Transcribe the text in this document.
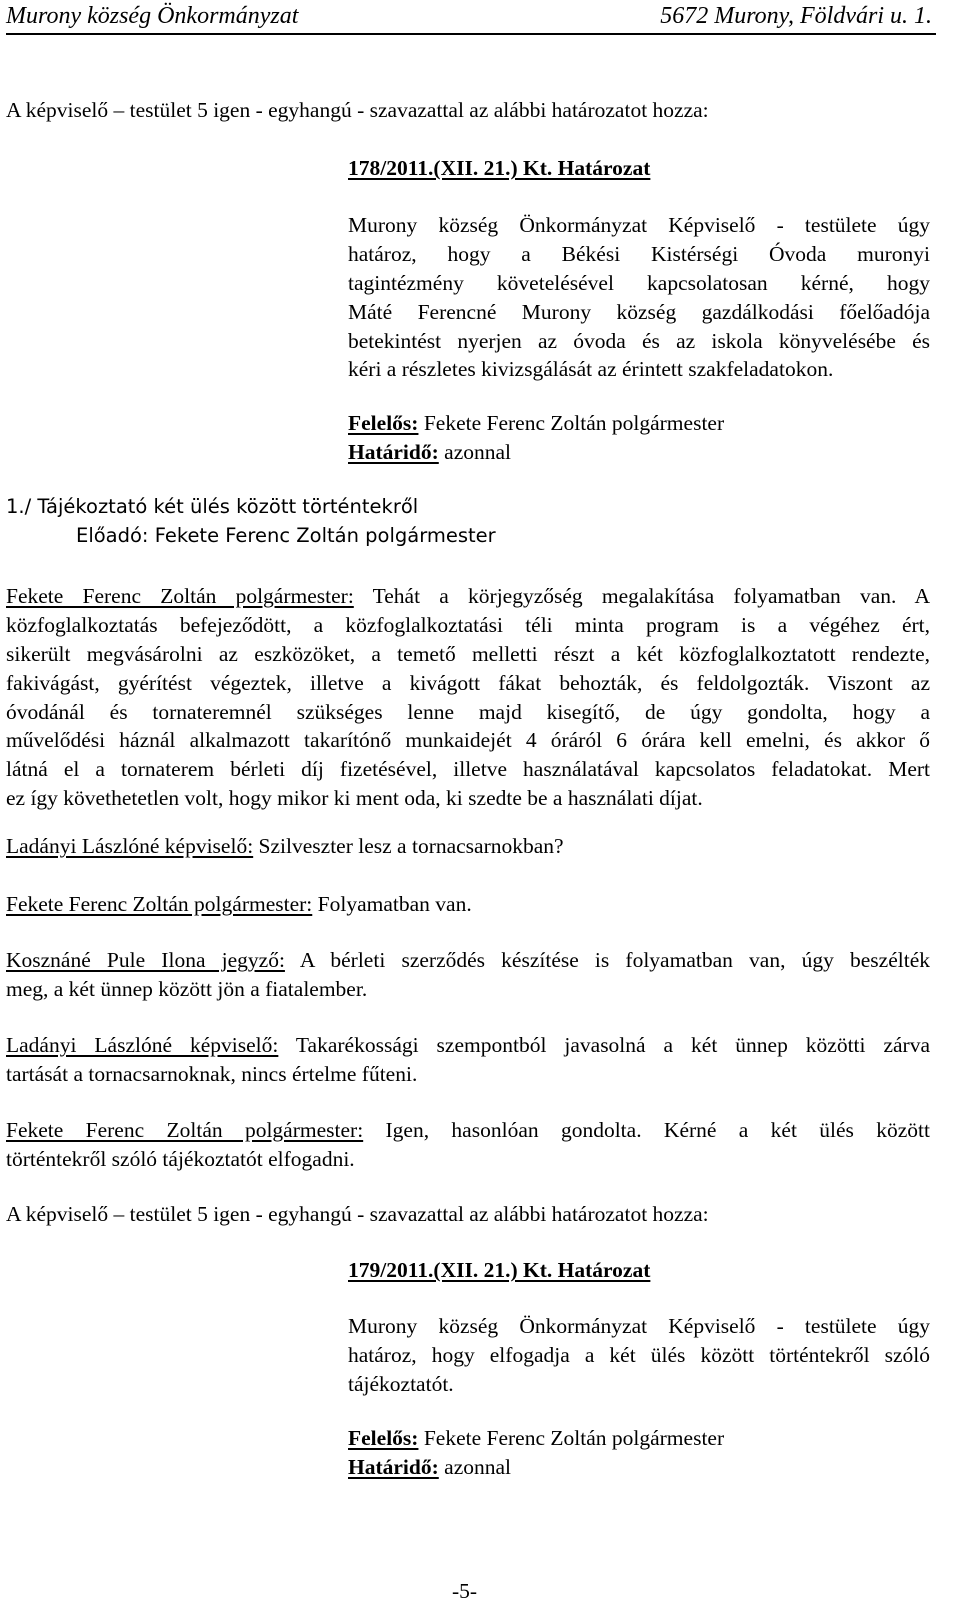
Murony község Önkormányzat	5672 Murony, Földvári u. 1.
A képviselő – testület 5 igen - egyhangú - szavazattal az alábbi határozatot hozza:
178/2011.(XII. 21.) Kt. Határozat
Murony község Önkormányzat Képviselő - testülete úgy
határoz, hogy a Békési Kistérségi Óvoda muronyi
tagintézmény követelésével kapcsolatosan kérné, hogy
Máté Ferencné Murony község gazdálkodási főelőadója
betekintést nyerjen az óvoda és az iskola könyvelésébe és
kéri a részletes kivizsgálását az érintett szakfeladatokon.
Felelős: Fekete Ferenc Zoltán polgármester
Határidő: azonnal
1./ Tájékoztató két ülés között történtekről
Előadó: Fekete Ferenc Zoltán polgármester
Fekete Ferenc Zoltán polgármester: Tehát a körjegyzőség megalakítása folyamatban van. A
közfoglalkoztatás befejeződött, a közfoglalkoztatási téli minta program is a végéhez ért,
sikerült megvásárolni az eszközöket, a temető melletti részt a két közfoglalkoztatott rendezte,
fakivágást, gyérítést végeztek, illetve a kivágott fákat behozták, és feldolgozták. Viszont az
óvodánál és tornateremnél szükséges lenne majd kisegítő, de úgy gondolta, hogy a
művelődési háznál alkalmazott takarítónő munkaidejét 4 óráról 6 órára kell emelni, és akkor ő
látná el a tornaterem bérleti díj fizetésével, illetve használatával kapcsolatos feladatokat. Mert
ez így követhetetlen volt, hogy mikor ki ment oda, ki szedte be a használati díjat.
Ladányi Lászlóné képviselő: Szilveszter lesz a tornacsarnokban?
Fekete Ferenc Zoltán polgármester: Folyamatban van.
Kosznáné Pule Ilona jegyző: A bérleti szerződés készítése is folyamatban van, úgy beszélték
meg, a két ünnep között jön a fiatalember.
Ladányi Lászlóné képviselő: Takarékossági szempontból javasolná a két ünnep közötti zárva
tartását a tornacsarnoknak, nincs értelme fűteni.
Fekete Ferenc Zoltán polgármester: Igen, hasonlóan gondolta. Kérné a két ülés között
történtekről szóló tájékoztatót elfogadni.
A képviselő – testület 5 igen - egyhangú - szavazattal az alábbi határozatot hozza:
179/2011.(XII. 21.) Kt. Határozat
Murony község Önkormányzat Képviselő - testülete úgy
határoz, hogy elfogadja a két ülés között történtekről szóló
tájékoztatót.
Felelős: Fekete Ferenc Zoltán polgármester
Határidő: azonnal
-5-
